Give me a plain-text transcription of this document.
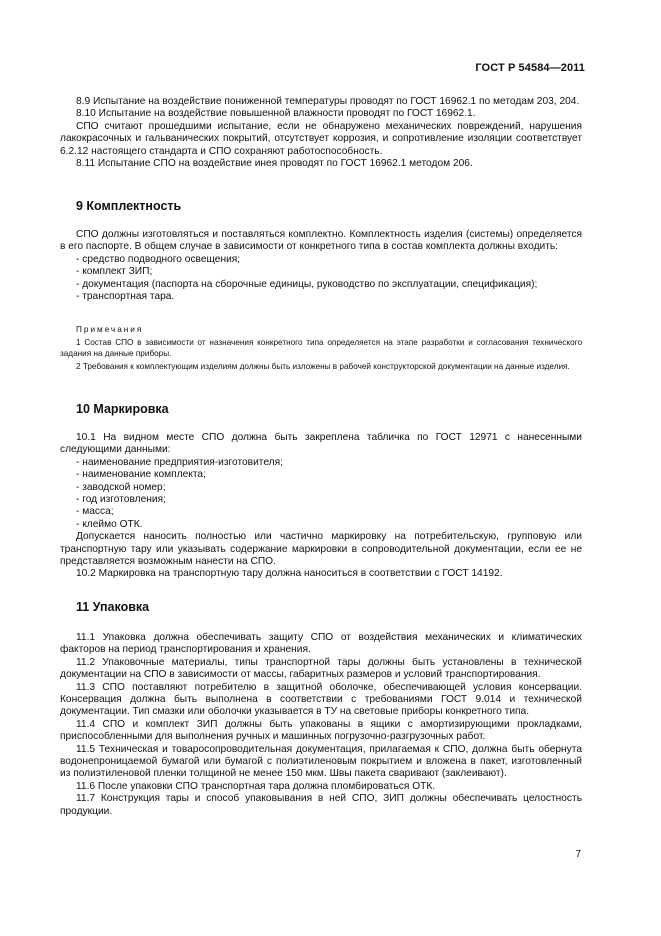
ГОСТ Р 54584—2011

8.9 Испытание на воздействие пониженной температуры проводят по ГОСТ 16962.1 по методам 203, 204.

8.10 Испытание на воздействие повышенной влажности проводят по ГОСТ 16962.1.

СПО считают прошедшими испытание, если не обнаружено механических повреждений, нарушения лакокрасочных и гальванических покрытий, отсутствует коррозия, и сопротивление изоляции соответствует 6.2.12 настоящего стандарта и СПО сохраняют работоспособность.

8.11 Испытание СПО на воздействие инея проводят по ГОСТ 16962.1 методом 206.

9 Комплектность

СПО должны изготовляться и поставляться комплектно. Комплектность изделия (системы) определяется в его паспорте. В общем случае в зависимости от конкретного типа в состав комплекта должны входить:

- средство подводного освещения;

- комплект ЗИП;

- документация (паспорта на сборочные единицы, руководство по эксплуатации, спецификация);

- транспортная тара.

Примечания

1 Состав СПО в зависимости от назначения конкретного типа определяется на этапе разработки и согласования технического задания на данные приборы.

2 Требования к комплектующим изделиям должны быть изложены в рабочей конструкторской документации на данные изделия.

10 Маркировка

10.1 На видном месте СПО должна быть закреплена табличка по ГОСТ 12971 с нанесенными следующими данными:

- наименование предприятия-изготовителя;

- наименование комплекта;

- заводской номер;

- год изготовления;

- масса;

- клеймо ОТК.

Допускается наносить полностью или частично маркировку на потребительскую, групповую или транспортную тару или указывать содержание маркировки в сопроводительной документации, если ее не представляется возможным нанести на СПО.

10.2 Маркировка на транспортную тару должна наноситься в соответствии с ГОСТ 14192.

11 Упаковка

11.1 Упаковка должна обеспечивать защиту СПО от воздействия механических и климатических факторов на период транспортирования и хранения.

11.2 Упаковочные материалы, типы транспортной тары должны быть установлены в технической документации на СПО в зависимости от массы, габаритных размеров и условий транспортирования.

11.3 СПО поставляют потребителю в защитной оболочке, обеспечивающей условия консервации. Консервация должна быть выполнена в соответствии с требованиями ГОСТ 9.014 и технической документации. Тип смазки или оболочки указывается в ТУ на световые приборы конкретного типа.

11.4 СПО и комплект ЗИП должны быть упакованы в ящики с амортизирующими прокладками, приспособленными для выполнения ручных и машинных погрузочно-разгрузочных работ.

11.5 Техническая и товаросопроводительная документация, прилагаемая к СПО, должна быть обернута водонепроницаемой бумагой или бумагой с полиэтиленовым покрытием и вложена в пакет, изготовленный из полиэтиленовой пленки толщиной не менее 150 мкм. Швы пакета сваривают (заклеивают).

11.6 После упаковки СПО транспортная тара должна пломбироваться ОТК.

11.7 Конструкция тары и способ упаковывания в ней СПО, ЗИП должны обеспечивать целостность продукции.

7
